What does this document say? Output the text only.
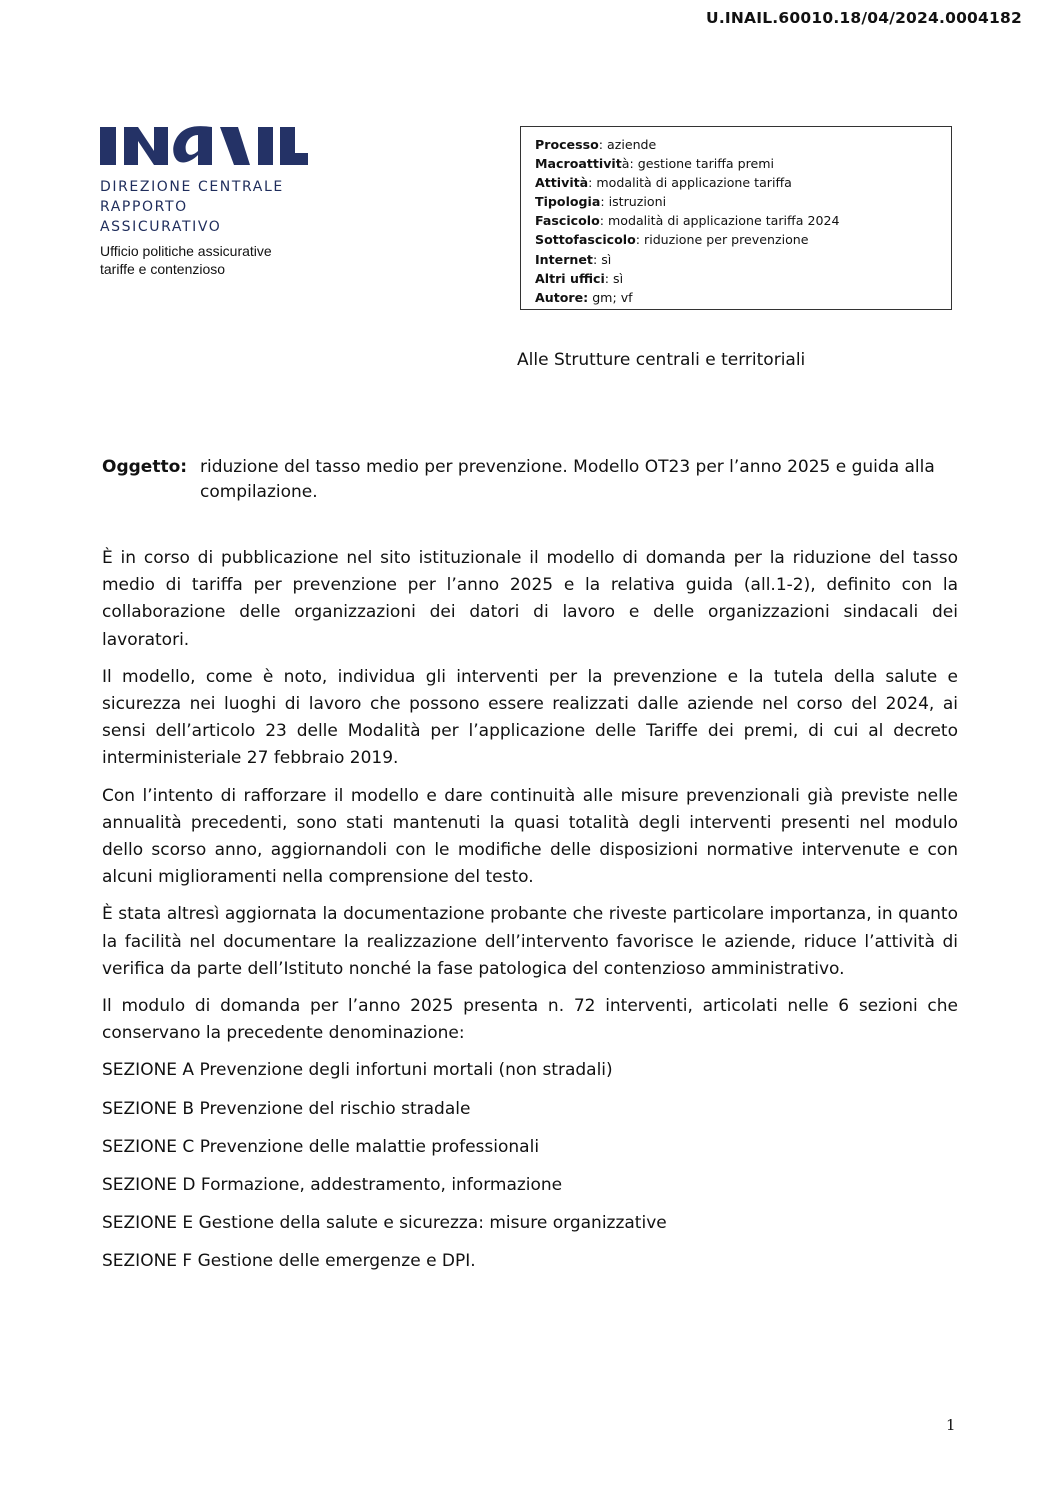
U.INAIL.60010.18/04/2024.0004182
DIREZIONE CENTRALE
RAPPORTO
ASSICURATIVO
Ufficio politiche assicurative
tariffe e contenzioso
Processo: aziende
Macroattività: gestione tariffa premi
Attività: modalità di applicazione tariffa
Tipologia: istruzioni
Fascicolo: modalità di applicazione tariffa 2024
Sottofascicolo: riduzione per prevenzione
Internet: sì
Altri uffici: sì
Autore: gm; vf
Alle Strutture centrali e territoriali
Oggetto: riduzione del tasso medio per prevenzione. Modello OT23 per l’anno 2025 e guida alla compilazione.

È in corso di pubblicazione nel sito istituzionale il modello di domanda per la riduzione del tasso medio di tariffa per prevenzione per l’anno 2025 e la relativa guida (all.1-2), definito con la collaborazione delle organizzazioni dei datori di lavoro e delle organizzazioni sindacali dei lavoratori.

Il modello, come è noto, individua gli interventi per la prevenzione e la tutela della salute e sicurezza nei luoghi di lavoro che possono essere realizzati dalle aziende nel corso del 2024, ai sensi dell’articolo 23 delle Modalità per l’applicazione delle Tariffe dei premi, di cui al decreto interministeriale 27 febbraio 2019.

Con l’intento di rafforzare il modello e dare continuità alle misure prevenzionali già previste nelle annualità precedenti, sono stati mantenuti la quasi totalità degli interventi presenti nel modulo dello scorso anno, aggiornandoli con le modifiche delle disposizioni normative intervenute e con alcuni miglioramenti nella comprensione del testo.

È stata altresì aggiornata la documentazione probante che riveste particolare importanza, in quanto la facilità nel documentare la realizzazione dell’intervento favorisce le aziende, riduce l’attività di verifica da parte dell’Istituto nonché la fase patologica del contenzioso amministrativo.

Il modulo di domanda per l’anno 2025 presenta n. 72 interventi, articolati nelle 6 sezioni che conservano la precedente denominazione:

SEZIONE A Prevenzione degli infortuni mortali (non stradali)

SEZIONE B Prevenzione del rischio stradale

SEZIONE C Prevenzione delle malattie professionali

SEZIONE D Formazione, addestramento, informazione

SEZIONE E Gestione della salute e sicurezza: misure organizzative

SEZIONE F Gestione delle emergenze e DPI.

1
